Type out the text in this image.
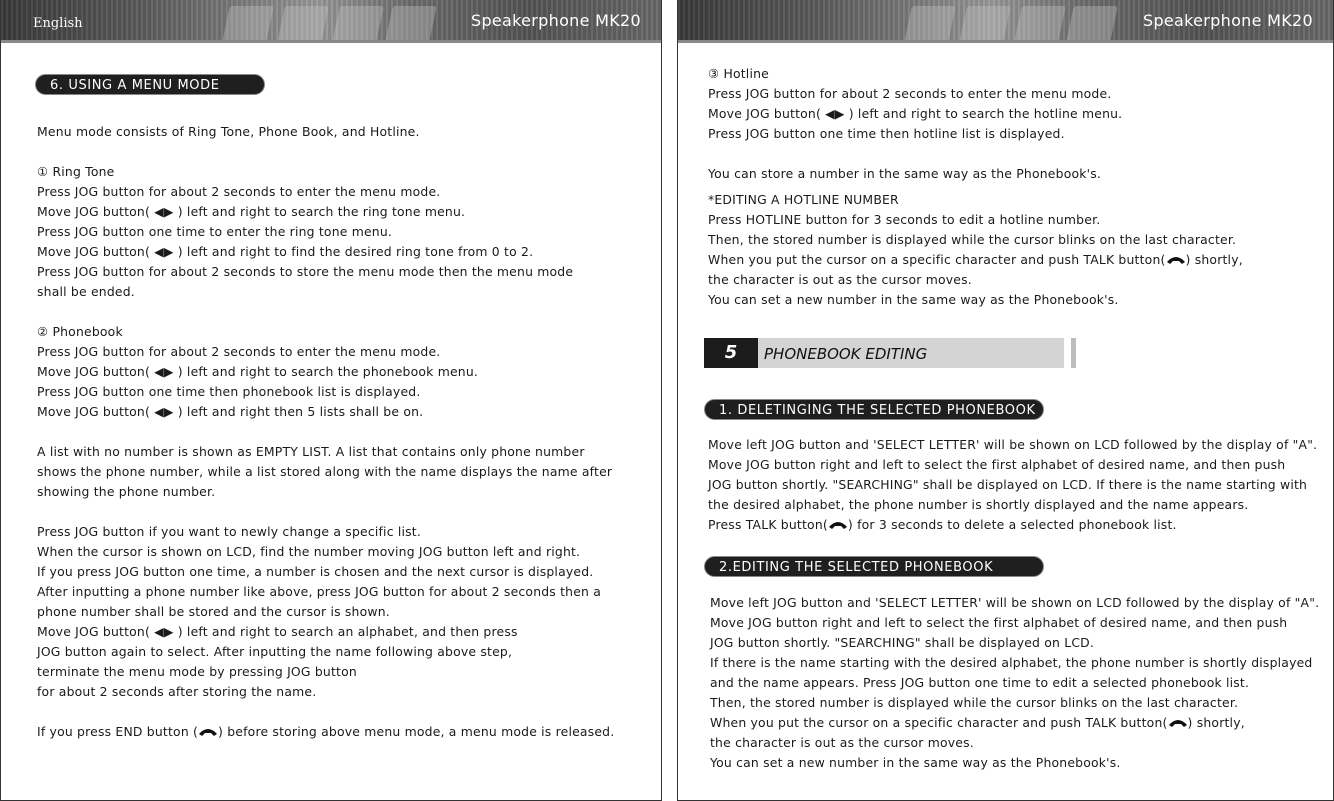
English	Speakerphone MK20
6. USING A MENU MODE

Menu mode consists of Ring Tone, Phone Book, and Hotline.

① Ring Tone

Press JOG button for about 2 seconds to enter the menu mode.

Move JOG button( ◀▶ ) left and right to search the ring tone menu.

Press JOG button one time to enter the ring tone menu.

Move JOG button( ◀▶ ) left and right to find the desired ring tone from 0 to 2.

Press JOG button for about 2 seconds to store the menu mode then the menu mode

shall be ended.

② Phonebook

Press JOG button for about 2 seconds to enter the menu mode.

Move JOG button( ◀▶ ) left and right to search the phonebook menu.

Press JOG button one time then phonebook list is displayed.

Move JOG button( ◀▶ ) left and right then 5 lists shall be on.

A list with no number is shown as EMPTY LIST. A list that contains only phone number

shows the phone number, while a list stored along with the name displays the name after

showing the phone number.

Press JOG button if you want to newly change a specific list.

When the cursor is shown on LCD, find the number moving JOG button left and right.

If you press JOG button one time, a number is chosen and the next cursor is displayed.

After inputting a phone number like above, press JOG button for about 2 seconds then a

phone number shall be stored and the cursor is shown.

Move JOG button( ◀▶ ) left and right to search an alphabet, and then press

JOG button again to select. After inputting the name following above step,

terminate the menu mode by pressing JOG button

for about 2 seconds after storing the name.

If you press END button ( ) before storing above menu mode, a menu mode is released.
Speakerphone MK20

③ Hotline

Press JOG button for about 2 seconds to enter the menu mode.

Move JOG button( ◀▶ ) left and right to search the hotline menu.

Press JOG button one time then hotline list is displayed.

You can store a number in the same way as the Phonebook's.

*EDITING A HOTLINE NUMBER

Press HOTLINE button for 3 seconds to edit a hotline number.

Then, the stored number is displayed while the cursor blinks on the last character.

When you put the cursor on a specific character and push TALK button( ) shortly,

the character is out as the cursor moves.

You can set a new number in the same way as the Phonebook's.

5	PHONEBOOK EDITING
1. DELETINGING THE SELECTED PHONEBOOK

Move left JOG button and 'SELECT LETTER' will be shown on LCD followed by the display of "A".

Move JOG button right and left to select the first alphabet of desired name, and then push

JOG button shortly. "SEARCHING" shall be displayed on LCD. If there is the name starting with

the desired alphabet, the phone number is shortly displayed and the name appears.

Press TALK button( ) for 3 seconds to delete a selected phonebook list.

2.EDITING THE SELECTED PHONEBOOK

Move left JOG button and 'SELECT LETTER' will be shown on LCD followed by the display of "A".

Move JOG button right and left to select the first alphabet of desired name, and then push

JOG button shortly. "SEARCHING" shall be displayed on LCD.

If there is the name starting with the desired alphabet, the phone number is shortly displayed

and the name appears. Press JOG button one time to edit a selected phonebook list.

Then, the stored number is displayed while the cursor blinks on the last character.

When you put the cursor on a specific character and push TALK button( ) shortly,

the character is out as the cursor moves.

You can set a new number in the same way as the Phonebook's.
